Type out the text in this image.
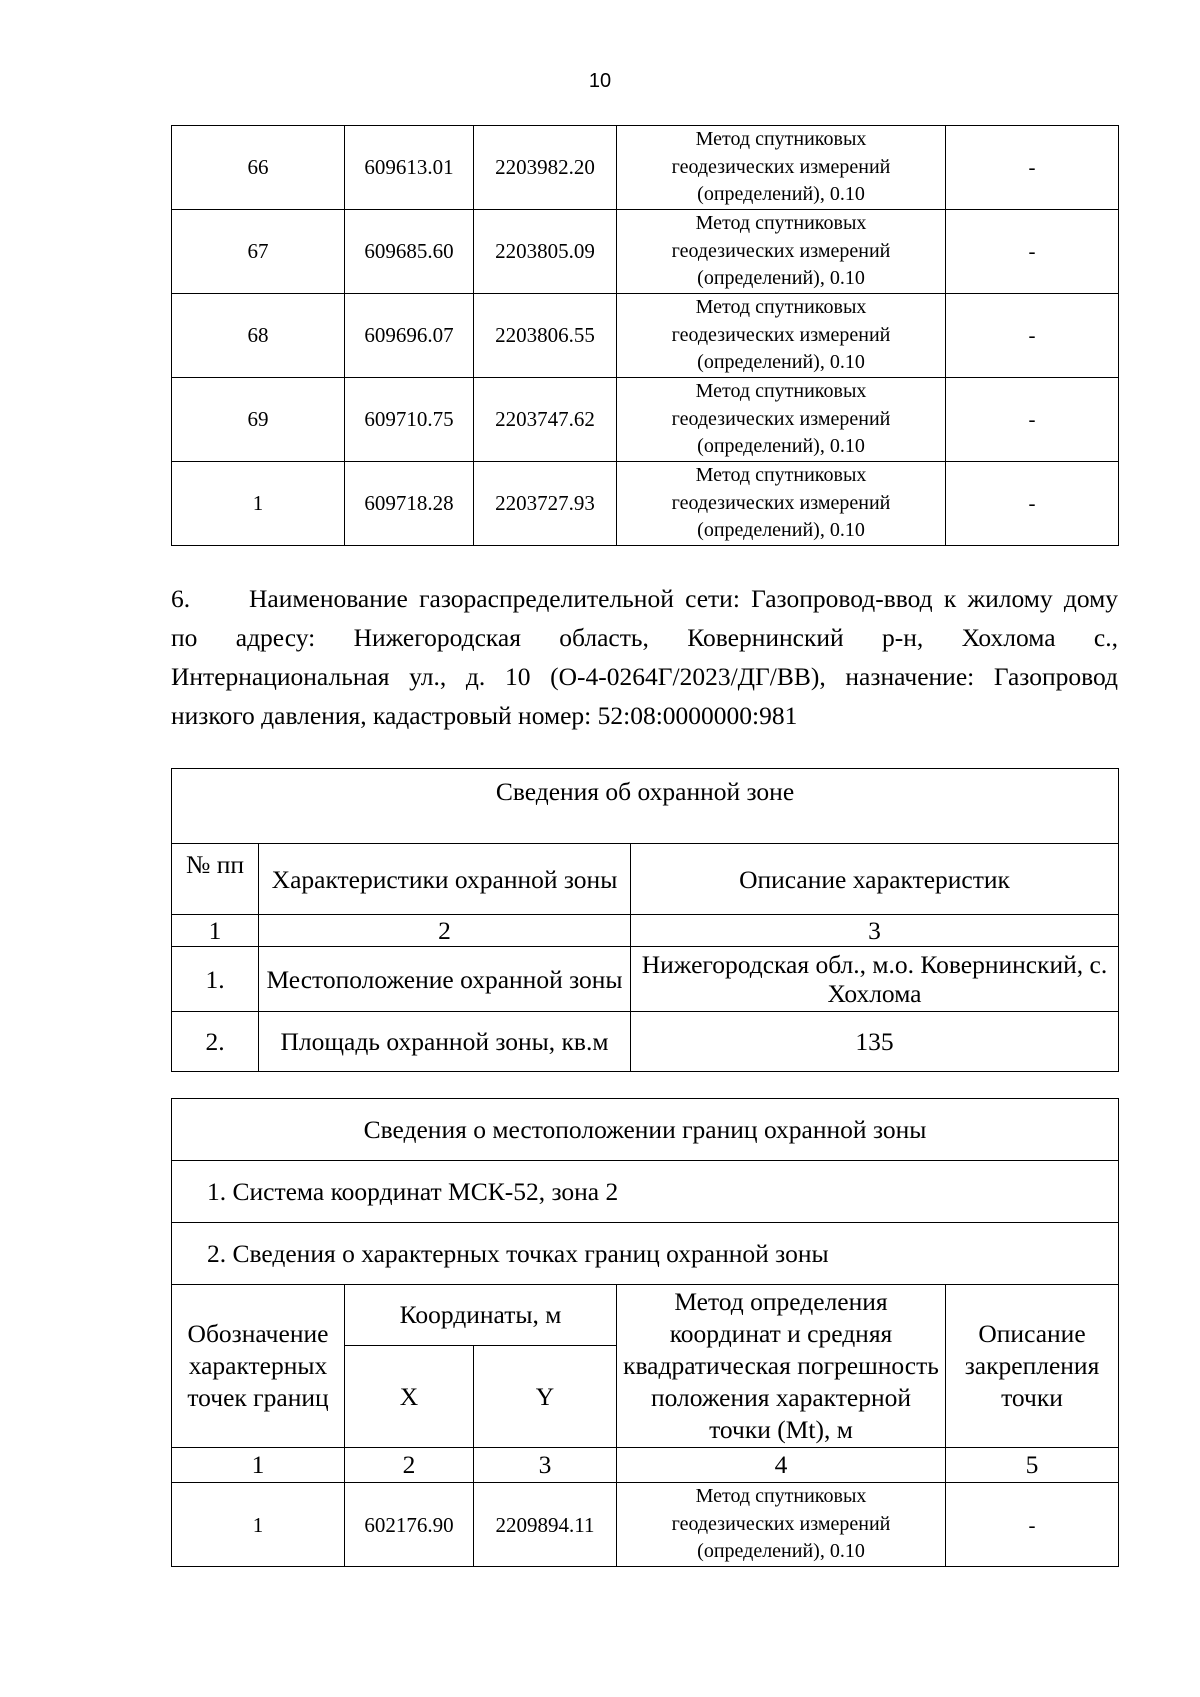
10
66	609613.01	2203982.20	Метод спутниковых
геодезических измерений
(определений), 0.10	-
67	609685.60	2203805.09	Метод спутниковых
геодезических измерений
(определений), 0.10	-
68	609696.07	2203806.55	Метод спутниковых
геодезических измерений
(определений), 0.10	-
69	609710.75	2203747.62	Метод спутниковых
геодезических измерений
(определений), 0.10	-
1	609718.28	2203727.93	Метод спутниковых
геодезических измерений
(определений), 0.10	-
6. Наименование газораспределительной сети: Газопровод-ввод к жилому дому по адресу: Нижегородская область, Ковернинский р-н, Хохлома с., Интернациональная ул., д. 10 (О-4-0264Г/2023/ДГ/ВВ), назначение: Газопровод низкого давления, кадастровый номер: 52:08:0000000:981
Сведения об охранной зоне		
№ пп	Характеристики охранной зоны	Описание характеристик
1	2	3
1.	Местоположение охранной зоны	Нижегородская обл., м.о. Ковернинский, с. Хохлома
2.	Площадь охранной зоны, кв.м	135
Сведения о местоположении границ охранной зоны				
1. Система координат МСК-52, зона 2				
2. Сведения о характерных точках границ охранной зоны				
Обозначение характерных точек границ	Координаты, м		Метод определения координат и средняя квадратическая погрешность положения характерной точки (Mt), м	Описание закрепления точки
	X	Y		
1	2	3	4	5
1	602176.90	2209894.11	Метод спутниковых
геодезических измерений
(определений), 0.10	-
